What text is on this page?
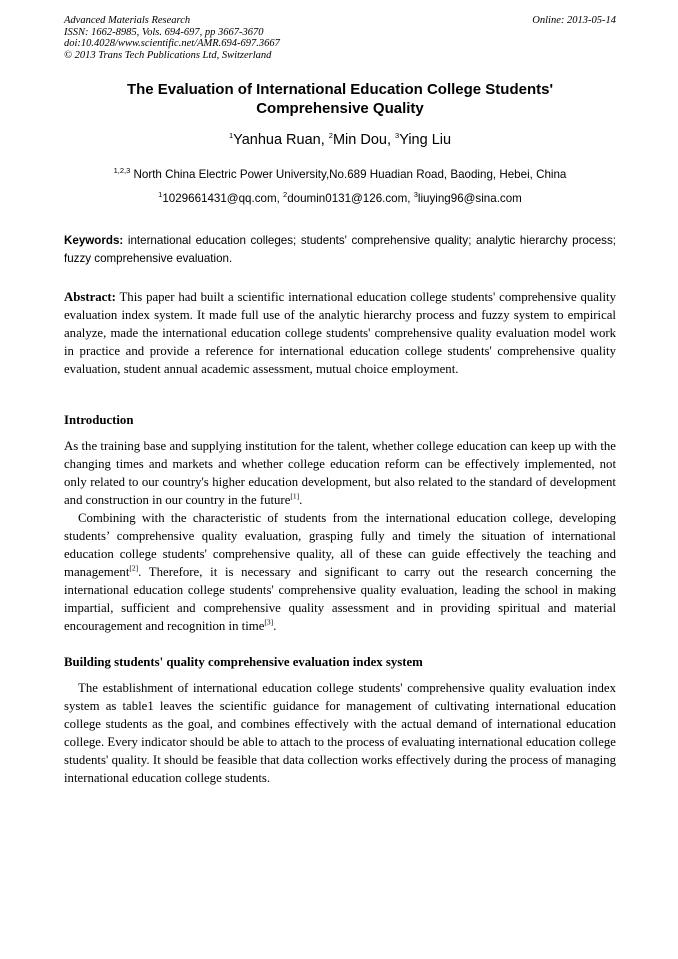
Advanced Materials Research
ISSN: 1662-8985, Vols. 694-697, pp 3667-3670
doi:10.4028/www.scientific.net/AMR.694-697.3667
© 2013 Trans Tech Publications Ltd, Switzerland
Online: 2013-05-14
The Evaluation of International Education College Students'
Comprehensive Quality
$^1$Yanhua Ruan, $^2$Min Dou, $^3$Ying Liu
$^{1,2,3}$ North China Electric Power University,No.689 Huadian Road, Baoding, Hebei, China
$^1$1029661431@qq.com, $^2$doumin0131@126.com, $^3$liuying96@sina.com
Keywords: international education colleges; students' comprehensive quality; analytic hierarchy process; fuzzy comprehensive evaluation.
Abstract: This paper had built a scientific international education college students' comprehensive quality evaluation index system. It made full use of the analytic hierarchy process and fuzzy system to empirical analyze, made the international education college students' comprehensive quality evaluation model work in practice and provide a reference for international education college students' comprehensive quality evaluation, student annual academic assessment, mutual choice employment.
Introduction

As the training base and supplying institution for the talent, whether college education can keep up with the changing times and markets and whether college education reform can be effectively implemented, not only related to our country's higher education development, but also related to the standard of development and construction in our country in the future[1].

Combining with the characteristic of students from the international education college, developing students’ comprehensive quality evaluation, grasping fully and timely the situation of international education college students' comprehensive quality, all of these can guide effectively the teaching and management[2]. Therefore, it is necessary and significant to carry out the research concerning the international education college students' comprehensive quality evaluation, leading the school in making impartial, sufficient and comprehensive quality assessment and in providing spiritual and material encouragement and recognition in time[3].

Building students' quality comprehensive evaluation index system

The establishment of international education college students' comprehensive quality evaluation index system as table1 leaves the scientific guidance for management of cultivating international education college students as the goal, and combines effectively with the actual demand of international education college. Every indicator should be able to attach to the process of evaluating international education college students' quality. It should be feasible that data collection works effectively during the process of managing international education college students.
